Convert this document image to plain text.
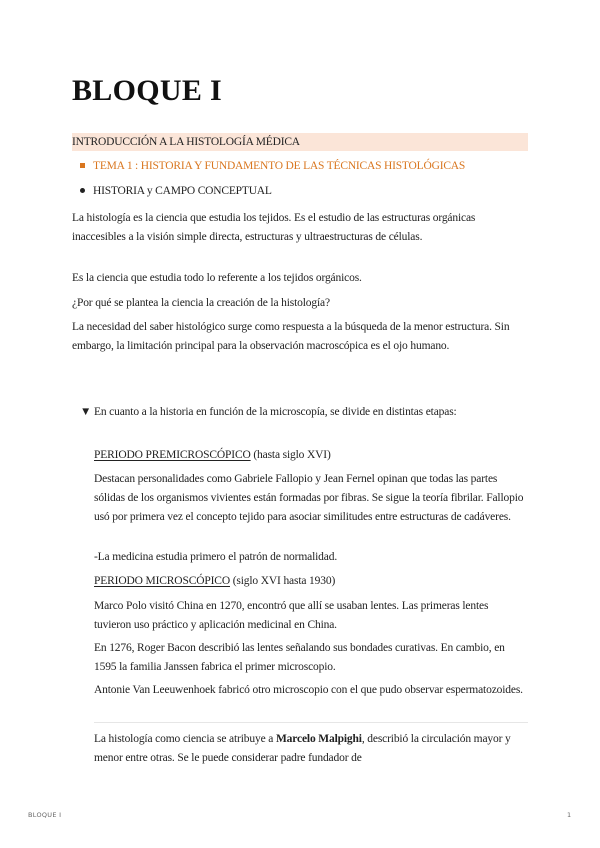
BLOQUE I
INTRODUCCIÓN A LA HISTOLOGÍA MÉDICA
TEMA 1 : HISTORIA Y FUNDAMENTO DE LAS TÉCNICAS HISTOLÓGICAS
HISTORIA y CAMPO CONCEPTUAL

La histología es la ciencia que estudia los tejidos. Es el estudio de las estructuras orgánicas inaccesibles a la visión simple directa, estructuras y ultraestructuras de células.

Es la ciencia que estudia todo lo referente a los tejidos orgánicos.

¿Por qué se plantea la ciencia la creación de la histología?

La necesidad del saber histológico surge como respuesta a la búsqueda de la menor estructura. Sin embargo, la limitación principal para la observación macroscópica es el ojo humano.

▼ En cuanto a la historia en función de la microscopía, se divide en distintas etapas:

PERIODO PREMICROSCÓPICO (hasta siglo XVI)

Destacan personalidades como Gabriele Fallopio y Jean Fernel opinan que todas las partes sólidas de los organismos vivientes están formadas por fibras. Se sigue la teoría fibrilar. Fallopio usó por primera vez el concepto tejido para asociar similitudes entre estructuras de cadáveres.

-La medicina estudia primero el patrón de normalidad.

PERIODO MICROSCÓPICO (siglo XVI hasta 1930)

Marco Polo visitó China en 1270, encontró que allí se usaban lentes. Las primeras lentes tuvieron uso práctico y aplicación medicinal en China.

En 1276, Roger Bacon describió las lentes señalando sus bondades curativas. En cambio, en 1595 la familia Janssen fabrica el primer microscopio.

Antonie Van Leeuwenhoek fabricó otro microscopio con el que pudo observar espermatozoides.

La histología como ciencia se atribuye a Marcelo Malpighi, describió la circulación mayor y menor entre otras. Se le puede considerar padre fundador de

BLOQUE I	1
